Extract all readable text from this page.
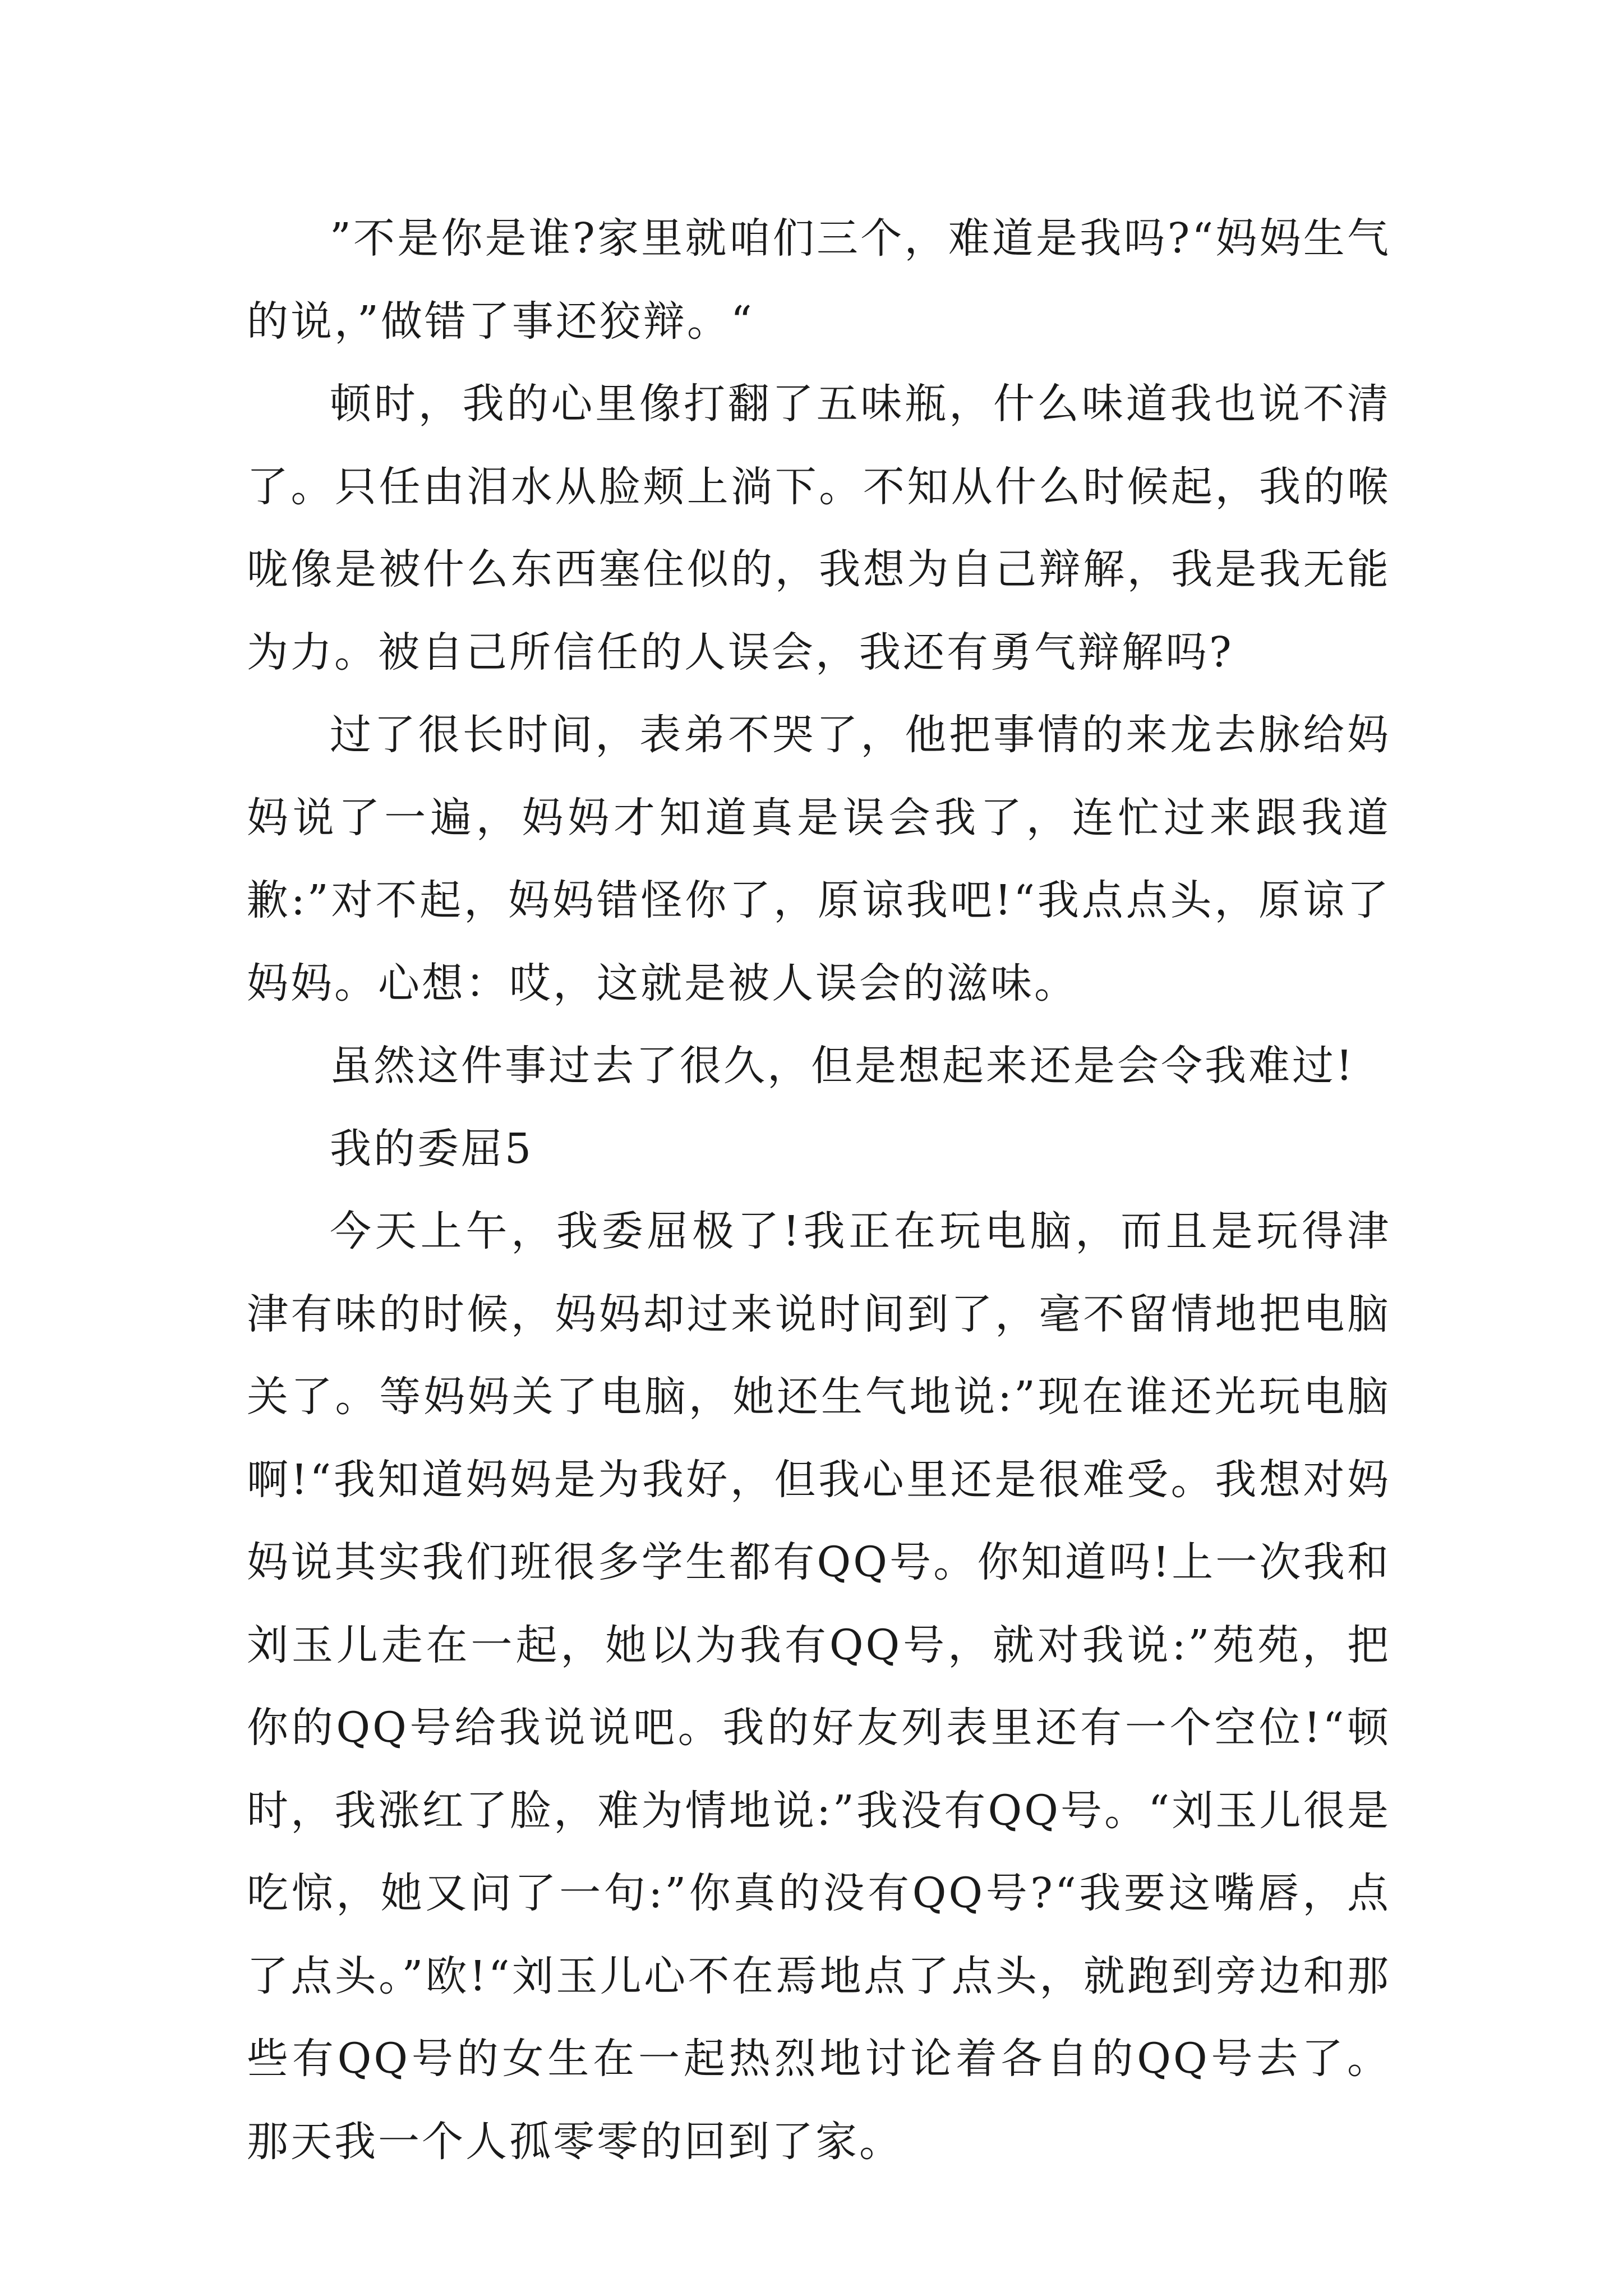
”不是你是谁?家里就咱们三个，难道是我吗?“妈妈生气的说，”做错了事还狡辩。“

顿时，我的心里像打翻了五味瓶，什么味道我也说不清了。只任由泪水从脸颊上淌下。不知从什么时候起，我的喉咙像是被什么东西塞住似的，我想为自己辩解，我是我无能为力。被自己所信任的人误会，我还有勇气辩解吗?

过了很长时间，表弟不哭了，他把事情的来龙去脉给妈妈说了一遍，妈妈才知道真是误会我了，连忙过来跟我道歉:”对不起，妈妈错怪你了，原谅我吧!“我点点头，原谅了妈妈。心想：哎，这就是被人误会的滋味。

虽然这件事过去了很久，但是想起来还是会令我难过!

我的委屈5

今天上午，我委屈极了!我正在玩电脑，而且是玩得津津有味的时候，妈妈却过来说时间到了，毫不留情地把电脑关了。等妈妈关了电脑，她还生气地说:”现在谁还光玩电脑啊!“我知道妈妈是为我好，但我心里还是很难受。我想对妈妈说其实我们班很多学生都有QQ号。你知道吗!上一次我和刘玉儿走在一起，她以为我有QQ号，就对我说:”苑苑，把你的QQ号给我说说吧。我的好友列表里还有一个空位!“顿时，我涨红了脸，难为情地说:”我没有QQ号。“刘玉儿很是吃惊，她又问了一句:”你真的没有QQ号?“我要这嘴唇，点了点头。”欧!“刘玉儿心不在焉地点了点头，就跑到旁边和那些有QQ号的女生在一起热烈地讨论着各自的QQ号去了。那天我一个人孤零零的回到了家。
